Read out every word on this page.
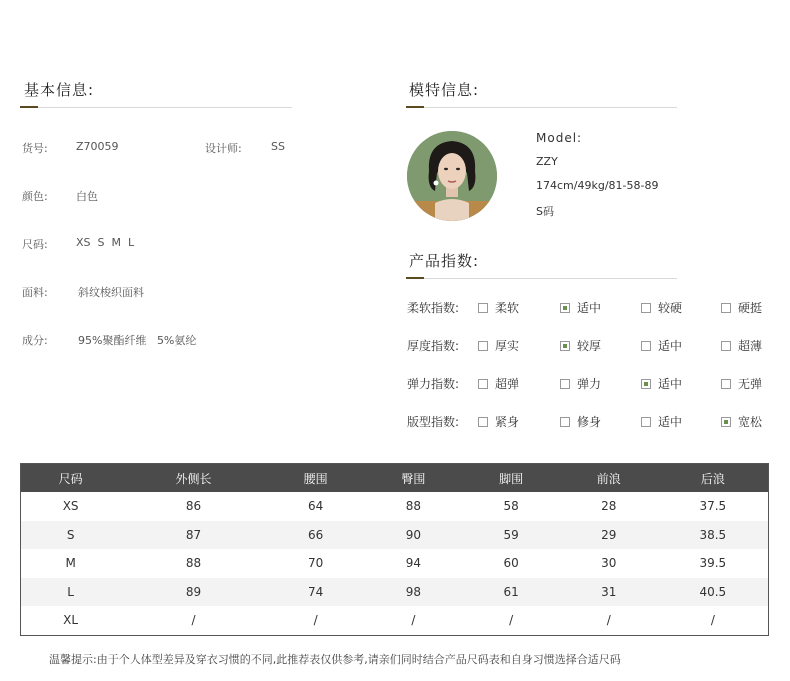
基本信息:
货号:	Z70059	设计师:	SS
颜色:	白色
尺码:	XS  S  M  L
面料:	斜纹梭织面料
成分:	95%聚酯纤维   5%氨纶
模特信息:
Model:
ZZY
174cm/49kg/81-58-89
S码
产品指数:
柔软指数:	柔软	适中	较硬	硬挺
厚度指数:	厚实	较厚	适中	超薄
弹力指数:	超弹	弹力	适中	无弹
版型指数:	紧身	修身	适中	宽松
尺码	外侧长	腰围	臀围	脚围	前浪	后浪
XS	86	64	88	58	28	37.5
S	87	66	90	59	29	38.5
M	88	70	94	60	30	39.5
L	89	74	98	61	31	40.5
XL	/	/	/	/	/	/
温馨提示:由于个人体型差异及穿衣习惯的不同,此推荐表仅供参考,请亲们同时结合产品尺码表和自身习惯选择合适尺码
